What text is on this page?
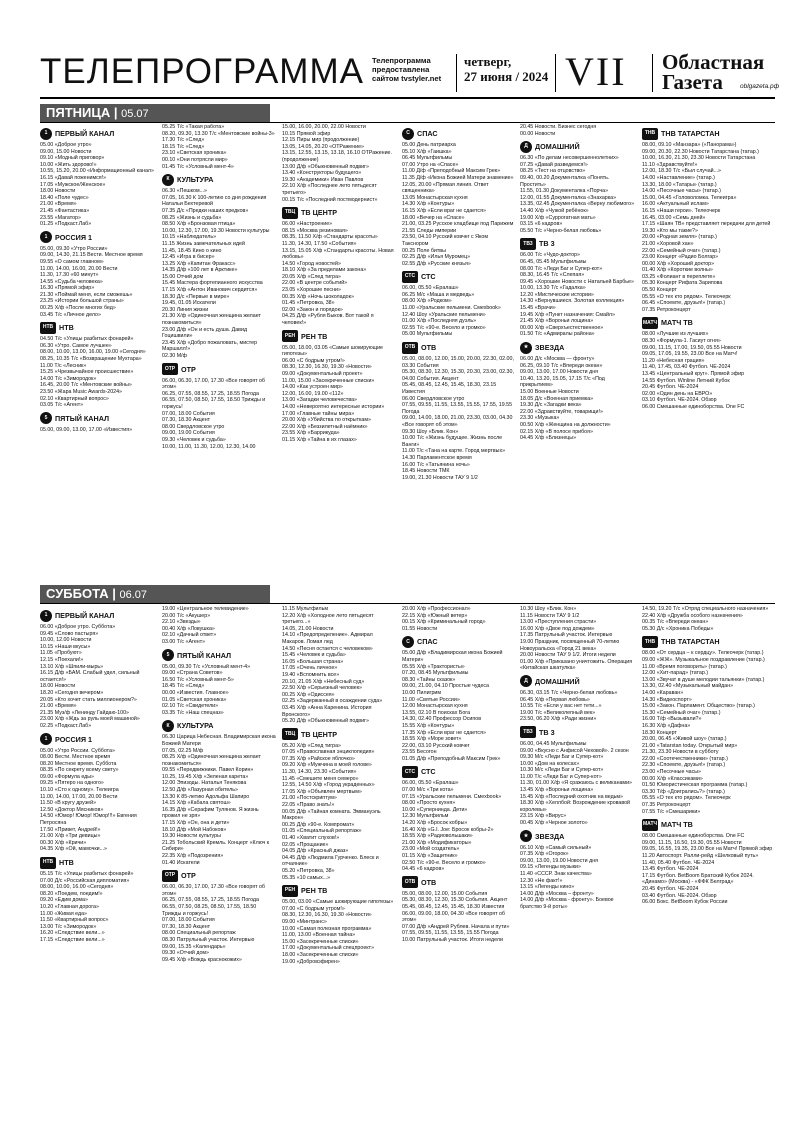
ТЕЛЕПРОГРАММА Телепрограмма предоставлена сайтом tvstyler.net
четверг,
27 июня / 2024 VII Областная
Газета	oblgazeta.рф
ПЯТНИЦА | 05.07
1	ПЕРВЫЙ КАНАЛ
05.00 «Доброе утро»
09.00, 15.00 Новости
09.10 «Модный приговор»
10.00 «Жить здорово!»
10.55, 15.20, 20.00 «Информационный канал»
16.15 «Давай поженимся!»
17.05 «Мужское/Женское»
18.00 Новости
18.40 «Поле чудес»
21.00 «Время»
21.45 «Фантастика»
23.55 «Магатор»
01.25 «Подкаст.Лаб»
1	РОССИЯ 1
05.00, 09.30 «Утро России»
09.00, 14.30, 21.15 Вести. Местное время
09.55 «О самом главном»
11.00, 14.00, 16.00, 20.00 Вести
11.30, 17.30 «60 минут»
14.55 «Судьба человека»
16.30 «Прямой эфир»
21.30 «Поймай меня, если сможешь»
23.25 «Истории большой страны»
00.25 Х/ф «После многих бед»
03.45 Т/с «Личное дело»
НТВ НТВ
04.50 Т/с «Улицы разбитых фонарей»
06.30 «Утро. Самое лучшее»
08.00, 10.00, 13.00, 16.00, 19.00 «Сегодня»
08.25, 10.35 Т/с «Возвращение Мухтара»
11.00 Т/с «Лесник»
15.25 «Чрезвычайное происшествие»
14.00 Т/с «Зимородок»
16.45, 20.00 Т/с «Ментовские войны»
23.50 «Жара Music Awards-2024»
02.10 «Квартирный вопрос»
03.05 Т/с «Агент»
5	ПЯТЫЙ КАНАЛ
05.00, 09.00, 13.00, 17.00 «Известия»
05.25 Т/с «Такая работа»
08.20, 09.30, 13.30 Т/с «Ментовские войны-3»
17.30 Т/с «След»
18.15 Т/с «След»
23.10 «Светская хроника»
00.10 «Они потрясли мир»
01.45 Т/с «Условный мент-4»
К	КУЛЬТУРА
06.30 «Пешком...»
07.05, 16.30 К 100-летию со дня рождения Натальи Бехтеревой
07.35 Д/с «Предки наших предков»
08.25 «Жизнь и судьба»
08.50 Х/ф «Бронзовая птица»
10.00, 12.30, 17.00, 19.30 Новости культуры
10.15 «Наблюдатель»
11.15 Жизнь замечательных идей
11.45, 18.45 Кино о кино
12.45 «Игра в бисер»
13.25 Х/ф «Капитан Фракасс»
14.35 Д/ф «100 лет в Арктике»
15.00 Отчий дом
15.45 Мастера фортепианного искусства
17.15 Х/ф «Антон Иванович сердится»
18.30 Д/с «Первые в мире»
19.45, 01.05 Искатели
20.30 Линия жизни
21.30 Х/ф «Одиночная женщина желает познакомиться»
23.00 Д/ф «Он и есть душа. Давид Гоцишвили»
23.45 Х/ф «Добро пожаловать, мистер Маршалл!»
02.30 М/ф
ОТР ОТР
06.00, 06.30, 17.00, 17.30 «Все говорят об этом»
06.25, 07.55, 08.55, 17.25, 18.55 Погода
06.55, 07.50, 08.50, 17.55, 18.50 Трижды и горжусь!
07.00, 18.00 События
07.30, 18.30 Акцент
08.00 Свердловское утро
09.00, 19.00 События
09.30 «Человек и судьба»
10.00, 11.00, 11.30, 12.00, 12.30, 14.00
15.00, 16.00, 20.00, 22.00 Новости
10.15 Прямой эфир
12.15 Пиры мир (продолжение)
13.05, 14.05, 20.20 «ОТРажение»
13.15, 12.55, 13.15, 13.18, 16.10 ОТРажение. (продолжение)
13.00 Д/ф «Обыкновенный подвиг»
13.40 «Конструкторы будущего»
19.30 «Академики» Иван Павлов
22.10 Х/ф «Последнее лето пятьдесят третьего»
00.15 Т/с «Последний постмодернист»
ТВЦ ТВ ЦЕНТР
06.00 «Настроение»
08.15 «Москва резиновая»
08.35, 11.50 Х/ф «Стандарты красоты»
11.30, 14.30, 17.50 «События»
13.15, 15.05 Х/ф «Стандарты красоты. Новая любовь»
14.50 «Город новостей»
18.10 Х/ф «За пределами закона»
20.05 Х/ф «След тигра»
22.00 «В центре событий»
23.05 «Хорошие песни»
00.35 Х/ф «Ночь шоколадок»
01.45 «Петровка, 38»
02.00 «Закон и порядок»
04.25 Д/ф «Рубля Быков. Вот такой я человек!»
РЕН РЕН ТВ
05.00, 18.00, 03.05 «Самые шокирующие гипотезы»
06.00 «С бодрым утром!»
08.30, 12.30, 16.30, 19.30 «Новости»
09.00 «Документальный проект»
11.00, 15.00 «Засекреченные списки»
14.00 «Как устроен мир»
12.00, 16.00, 19.00 «112»
13.00 «Загадки человечества»
14.00 «Невероятно интересные истории»
17.00 «Главные тайны мира»
20.00 Х/ф «Убийства по открыткам»
22.00 Х/ф «Беззилетный наёмник»
23.55 Х/ф «Баррикуда»
01.15 Х/ф «Тайна в их глазах»
С СПАС
05.00 День патриарха
05.10 Х/ф «Гаишка»
06.45 Мультфильмы
07.00 Утро на «Спасе»
11.00 Д/ф «Преподобный Максим Грек»
11.35 Д/ф «Икона Божией Матери знамение»
12.05, 20.00 «Прямая линия. Ответ священника»
13.05 Монастырская кухня
14.30 Х/ф «Контуры»
16.15 Х/ф «Если враг не сдается»
18.00 «Вечер на «Спасе»
21.00, 03.25 Русское кладбище под Парижем
21.55 Следы империи
23.50, 04.10 Русский ковчег с Яком Такснором
00.25 Поле битвы
02.25 Д/ф «Илья Муромец»
02.55 Д/ф «Русские князья»
СТС СТС
06.00, 05.50 «Ералаш»
06.25 М/с «Маша и медведь»
08.00 Х/ф «Родком»
11.00 «Уральские пельмени. Смехbook»
12.40 Шоу «Уральские пельмени»
01.00 Х/ф «Последняя дуэль»
02.55 Т/с «90-е. Весело и громко»
05.00 Мультфильмы
ОТВ ОТВ
05.00, 08.00, 12.00, 15.00, 20.00, 22.30, 02.00, 03.30 События
05.30, 08.30, 12.30, 15.30, 20.30, 23.00, 02.30, 04.00 События. Акцент
05.45, 08.45, 12.45, 15.45, 18.30, 23.15 Известия
06.00 Свердловское утро
07.55, 09.55, 11.55, 13.55, 15.55, 17.55, 19.55 Погода
09.00, 14.00, 18.00, 21.00, 23.30, 03.00, 04.30 «Все говорят об этом»
09.30 Шоу «Блик. Кон»
10.00 Т/с «Жизнь будущее. Жизнь после Ванги»
11.00 Т/с «Тана на карте. Город мертвых»
14.30 Парламентское время
16.00 Т/с «Татьянина ночь»
18.45 Новости ТМК
19.00, 21.30 Новости ТАУ 9 1/2
20.45 Новости. Бизнес сегодня
00.00 Новости
Д	ДОМАШНИЙ
06.30 «По делам несовершеннолетних»
07.25 «Давай разведемся!»
08.25 «Тест на отцовство»
09.40, 00.20 Документалка «Понять. Простить»
11.55, 01.30 Документалка «Порча»
12.00, 01.55 Документалка «Знахарка»
13.35, 02.45 Документалка «Верну любимого»
14.40 Х/ф «Чужой ребёнок»
19.00 Х/ф «Суррогатная мать»
03.15 «6 кадров»
05.50 Т/с «Черно-белая любовь»
ТВ3 ТВ 3
06.00 Т/с «Чудо-доктор»
06.45, 05.45 Мультфильмы
08.00 Т/с «Леди Баг и Супер-кот»
08.30, 16.45 Т/с «Слепая»
09.45 «Хорошие Новости с Натальей Барбье»
10.00, 13.30 Т/с «Гадалка»
12.20 «Мистические истории»
14.30 «Вернувшиеся. Золотая коллекция»
15.45 «Врачи»
19.45 Х/ф «Пункт назначения: Смайл»
21.45 Х/ф «Вороньи лощина»
00.00 Х/ф «Сверхъестественное»
01.50 Т/с «Адмиралы района»
★ ЗВЕЗДА
06.00 Д/с «Москва — фронту»
06.25, 09.10 Т/с «Впереди океан»
09.00, 13.00, 17.00 Новости дня
10.40, 13.20, 15.05, 17.15 Т/с «Под прикрытием»
15.00 Военные Новости
18.05 Д/с «Военная приемка»
19.30 Д/с «Загадки века»
22.00 «Здравствуйте, товарищи!»
23.30 «Музыка»
00.50 Х/ф «Женщина на должности»
02.15 Х/ф «В полосе прибоя»
04.45 Х/ф «Близнецы»
ТНВ ТНВ ТАТАРСТАН
08.00, 09.10 «Манзара» («Панорама»)
09.00, 20.30, 22.30 Новости Татарстана (татар.)
10.00, 16.30, 21.30, 23.30 Новости Татарстана
11.10 «Здравствуйте!»
12.00, 18.30 Т/с «Был случай...»
14.00 «Наставление» (татар.)
13.30, 18.00 «Татары» (татар.)
14.00 «Песочные часы» (татар.)
15.00, 04.45 «Головоломка. Телеигра»
16.00 «Актуальный ислам»
16.15 «Наши герои». Телеочерк
16.45, 03.00 «Семь дней»
17.15 «Шаян ТВ» представляет передачи для детей
19.30 «Кто мы такие?»
20.00 «Родная земля» (татар.)
21.00 «Хоровой хан»
22.00 «Семейный очаг» (татар.)
23.00 Концерт «Радио Болгар»
00.00 Х/ф «Хороший доктор»
01.40 Х/ф «Короткие волны»
03.25 «Фолиант в переплете»
05.30 Концерт Рифата Зарипова
05.50 Концерт
05.55 «О тех кто рядом». Телеочерк
06.45 «Споемте, друзья!» (татар.)
07.35 Ретроконцерт
МАТЧ МАТЧ ТВ
08.00 «Лучшие из лучших»
08.30 «Формула-1. Гасиут огня»
09.00, 11.15, 17.00, 19.50, 05.55 Новости
09.05, 17.05, 19.55, 23.00 Все на Матч!
11.20 «Небесная грация»
11.40, 17.45, 03.40 Футбол. ЧЕ-2024
13.45 «Центральный круг». Прямой эфир
14.55 Футбол. Winline Летний Кубок
20.45 Футбол. ЧЕ-2024
02.00 «Один день на ЕВРО»
03.10 Футбол. ЧЕ-2024. Обзор
06.00 Смешанные единоборства. One FC
СУББОТА | 06.07
1	ПЕРВЫЙ КАНАЛ
06.00 «Доброе утро. Суббота»
09.45 «Слово пастыря»
10.00, 12.00 Новости
10.15 «Наши вкусы»
11.05 «Пробуют»
12.15 «Поехали!»
13.10 Х/ф «Шпили-мырь»
16.15 Д/ф «БАМ. Слабый удел, сильный остается!»
18.00 Новости
18.20 «Сегодня вечером»
20.05 «Кто хочет стать миллионером?»
21.00 «Время»
21.35 Муз/ф «Ленинду Гайдаю-100»
23.00 Х/ф «Ждь за руль моей машиной»
02.25 «Подкаст.Лаб»
1	РОССИЯ 1
05.00 «Утро России. Суббота»
08.00 Вести. Местное время
08.20 Местное время. Суббота
08.35 «По секрету всему свету»
09.00 «Формула еды»
09.25 «Пятеро на одного»
10.10 «Сто к одному». Телеигра
11.00, 14.00, 17.00, 20.00 Вести
11.50 «В кругу друзей»
12.50 «Доктор Мясников»
14.50 «Юмор! Юмор! Юмор!!!» Евгения Петросяна
17.50 «Привет, Андрей!»
21.00 Х/ф «Три девицы»
00.30 Х/ф «Кричи»
04.35 Х/ф «Ой, мамочки...»
НТВ НТВ
05.15 Т/с «Улицы разбитых фонарей»
07.00 Д/с «Российская дипломатия»
08.00, 10.00, 16.00 «Сегодня»
08.20 «Поедем, поедим!»
09.20 «Едим дома»
10.20 «Главная дорога»
11.00 «Живая еда»
11.50 «Квартирный вопрос»
13.00 Т/с «Зимородок»
16.20 «Следствие вели...»
17.15 «Следствие вели...»
19.00 «Центральное телевидение»
20.00 Т/с «Акушер»
22.10 «Звезды»
00.40 Х/ф «Ловушка»
02.10 «Дачный ответ»
03.00 Т/с «Агент»
5	ПЯТЫЙ КАНАЛ
05.00, 09.30 Т/с «Условный мент-4»
09.00 «Страна Советов»
16.50 Т/с «Условный мент-5»
18.45 Т/с «След»
00.00 «Известия. Главное»
01.05 «Светская хроника»
02.10 Т/с «Свидетели»
03.35 Т/с «Наш спецназ»
К	КУЛЬТУРА
06.30 Царица Небесная. Владимирская икона Божией Матери
07.05, 02.25 М/ф
08.25 Х/ф «Одиночная женщина желает познакомиться»
09.55 «Передвижники. Павел Корин»
10.25, 19.45 Х/ф «Зеленая карета»
12.00 Эпизоды. Наталья Тенякова
12.50 Д/ф «Лазурная обитель»
13.30 К 85-летию Адольфа Шапиро
14.15 Х/ф «Кабала святош»
16.35 Д/ф «Серафим Тулянов. Я жизнь прожил не зря»
17.15 Х/ф «Он, она и дети»
18.10 Д/ф «Мой Набоков»
19.30 Новости культуры
21.25 Тобольский Кремль. Концерт «Ключ к Сибири»
22.35 Х/ф «Подозрения»
01.40 Искатели
ОТР ОТР
06.00, 06.30, 17.00, 17.30 «Все говорят об этом»
06.25, 07.55, 08.55, 17.25, 18.55 Погода
06.55, 07.50, 08.25, 08.50, 17.55, 18.50 Трижды и горжусь!
07.00, 18.00 События
07.30, 18.30 Акцент
08.00 Специальный репортаж
08.30 Патрульный участок. Интервью
09.00, 15.35 «Календарь»
09.30 «Отчий дом»
09.45 Х/ф «Вождь краснокожих»
11.15 Мультфильм
12.20 Х/ф «Холодное лето пятьдесят третьего...»
14.05, 21.00 Новости
14.10 «Предопределение». Адмирал Макаров. Ломая лед
14.50 «Песня остается с человеком»
15.45 «Человек и судьба»
16.05 «Большая страна»
17.05 «Очень личное»
19.40 «Вспомнить все»
20.10, 21.05 Х/ф «Небесный суд»
22.50 Х/ф «Серьезный человек»
00.25 Х/ф «Одиссея»
02.25 «Задержанный в осаждении суда»
03.45 Х/ф «Анна Каренина. История Вронского»
05.20 Д/ф «Обыкновенный подвиг»
ТВЦ ТВ ЦЕНТР
05.20 Х/ф «След тигра»
07.05 «Православная энциклопедия»
07.35 Х/ф «Райское яблочко»
09.20 Х/ф «Мужчина в моей голове»
11.30, 14.30, 23.30 «События»
11.45 «Смешите меня семеро»
12.55, 14.50 Х/ф «Город украденных»
17.05 Х/ф «Объявлен мертвым»
21.00 «Постскриптум»
22.05 «Право знать!»
00.05 Д/ф «Тайная комната. Эммануэль Макрон»
00.25 Д/ф «90-е. Компромат»
01.05 «Специальный репортаж»
01.40 «Хватит слухов!»
02.05 «Прощание»
04.05 Д/ф «Красный джаз»
04.45 Д/ф «Людмила Гурченко. Блеск и отчаяние»
05.20 «Петровка, 38»
05.35 «10 самых...»
РЕН РЕН ТВ
05.00, 03.00 «Самые шокирующие гипотезы»
07.00 «С бодрым утром!»
08.30, 12.30, 16.30, 19.30 «Новости»
09.00 «Минтранс»
10.00 «Самая полезная программа»
11.00, 13.00 «Военная тайна»
15.00 «Засекреченные списки»
17.00 «Документальный спецпроект»
18.00 «Засекреченные списки»
19.00 «Добровэфирен»
20.00 Х/ф «Профессионал»
22.15 Х/ф «Южный ветер»
00.15 Х/ф «Криминальный город»
01.55 Новости
С СПАС
05.00 Д/ф «Владимирская икона Божией Матери»
05.55 Х/ф «Трактористы»
07.20, 08.45 Мультфильмы
08.30 «Тайны сказок»
09.00, 21.00, 04.10 Простые чудеса
10.00 Пилигрим
11.00 «Святые России»
12.00 Монастырская кухня
13.55, 02.10 В поисках Бога
14.30, 02.40 Профессор Осипов
15.55 Х/ф «Контуры»
17.35 Х/ф «Если враг не сдается»
18.55 Х/ф «Море зовет»
22.00, 03.10 Русский ковчег
23.55 Бесогон
01.05 Д/ф «Преподобный Максим Грек»
СТС СТС
06.00, 05.50 «Ералаш»
07.00 М/с «Три кота»
07.15 «Уральские пельмени. Смехbook»
08.00 «Просто кухня»
10.00 «Супернинда. Дети»
12.30 Мультфильм
14.20 Х/ф «Бросок кобры»
16.40 Х/ф «G.I. Jое: Бросок кобры-2»
18.55 Х/ф «Радиовольшаки»
21.00 Х/ф «Модификаторы»
23.00 «Мой создатель»
01.15 Х/ф «Защитник»
02.50 Т/с «90-е. Весело и громко»
04.45 «6 кадров»
ОТВ ОТВ
05.00, 08.00, 12.00, 15.00 События
05.30, 08.30, 12.30, 15.30 События. Акцент
05.45, 08.45, 12.45, 15.45, 18.30 Известия
06.00, 09.00, 18.00, 04.30 «Все говорят об этом»
07.00 Д/ф «Андрей Рублев. Начала и пути»
07.55, 09.55, 11.55, 13.55, 15.55 Погода
10.00 Патрульный участок. Итоги недели
10.30 Шоу «Блик. Кон»
11.15 Новости ТАУ 9 1/2
13.00 «Преступления страсти»
16.00 Х/ф «Двое под дождем»
17.35 Патрульный участок. Интервью
19.00 Праздник, посвященный 70-летию Новоуральска «Город 21 века»
20.00 Новости ТАУ 9 1/2. Итоги недели
01.00 Х/ф «Приказано уничтожить. Операция «Китайская шкатулка»
Д	ДОМАШНИЙ
06.30, 03.15 Т/с «Черно-белая любовь»
06.45 Х/ф «Первая любовь»
10.55 Т/с «Если у вас нет тети...»
19.00 Т/с «Великолепный век»
23.50, 06.20 Х/ф «Ради жизни»
ТВ3 ТВ 3
06.00, 04.45 Мультфильмы
09.00 «Вкусно с Анфисой Чеховой». 2 сезон
09.30 М/с «Леди Баг и Супер-кот»
10.00 «Дом на колесах»
10.30 М/с «Леди Баг и Супер-кот»
11.00 Т/с «Леди Баг и Супер-кот»
11.30, 01.00 Х/ф «Я сражаюсь с великанами»
13.45 Х/ф «Вороньи лощина»
15.45 Х/ф «Последний охотник на ведьм»
18.30 Х/ф «Хеллбой: Возрождение кровавой королевы»
23.15 Х/ф «Вирус»
00.45 Х/ф «Черное золото»
★ ЗВЕЗДА
06.10 Х/ф «Самый сильный»
07.35 Х/ф «Огорок»
09.00, 13.00, 19.00 Новости дня
09.15 «Легенды музыки»
11.40 «СССР. Знак качества»
12.30 «Не факт!»
13.15 «Легенды кино»
14.00 Д/ф «Москва – фронту»
14.00 Д/ф «Москва - фронту». Боевое братство 9-й роты»
14.50, 19.20 Т/с «Отряд специального назначения»
22.40 Х/ф «Дружба особого назначения»
00.35 Т/с «Впереди океан»
05.30 Д/с «Хроника Победы»
ТНВ ТНВ ТАТАРСТАН
08.00 «От сердца – к сердцу». Телеочерк (татар.)
09.00 «ЖЖ». Музыкальное поздравление (татар.)
11.00 «Время поговорить» (татар.)
12.00 «Хит-парад» (татар.)
13.00 «Звучат в душе мелодии тальянки» (татар.)
13.30, 02.40 «Музыкальный майдан»
14.00 «Караван»
14.30 «Видеоспорт»
15.00 «Закон. Парламент. Общество» (татар.)
15.30 «Семейный очаг» (татар.)
16.00 Т/ф «Вызывали?»
16.30 Х/ф «Дафна»
18.30 Концерт
20.00, 06.45 «Живой шоу» (татар.)
21.00 «Tatarstan today. Открытый мир»
21.30, 23.30 Новости в субботу
22.00 «Соотечественники» (татар.)
22.30 «Споемте, друзья!» (татар.)
23.00 «Песочные часы»
00.00 Х/ф «Классиками»
01.50 Юмористическая программа (татар.)
03.30 Т/ф «Доигрались?» (татар.)
05.55 «О тех кто рядом». Телеочерк
07.35 Ретроконцерт
07.55 Т/с «Смешарики»
МАТЧ МАТЧ ТВ
08.00 Смешанные единоборства. One FC
09.00, 11.15, 16.50, 19.30, 05.55 Новости
09.05, 16.55, 19.35, 23.00 Все на Матч! Прямой эфир
11.20 Автоспорт. Ралли-рейд «Шелковый путь»
11.40, 05.40 Футбол. ЧЕ-2024
13.45 Футбол. ЧЕ-2024
17.15 Футбол. BetBoom Братский Кубок 2024. «Динамо» (Москва) - «ФФК Белград»
20.45 Футбол. ЧЕ-2024
03.40 Футбол. ЧЕ-2024. Обзор
06.00 Бокс. BetBoom Кубок России
